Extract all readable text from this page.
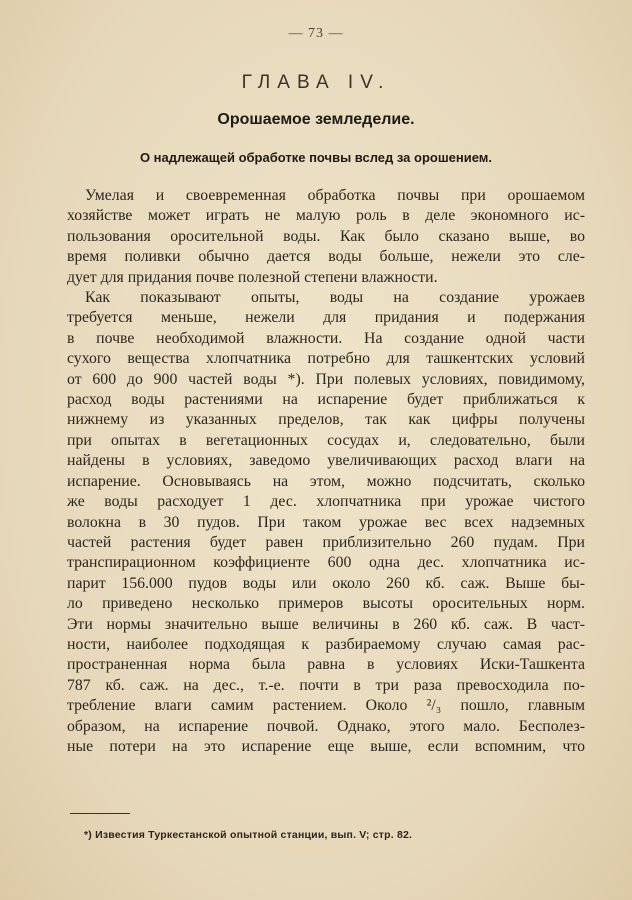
— 73 —
ГЛАВА IV.
Орошаемое земледелие.
О надлежащей обработке почвы вслед за орошением.
Умелая и своевременная обработка почвы при орошаемом
хозяйстве может играть не малую роль в деле экономного ис-
пользования оросительной воды. Как было сказано выше, во
время поливки обычно дается воды больше, нежели это сле-
дует для придания почве полезной степени влажности.
Как показывают опыты, воды на создание урожаев
требуется меньше, нежели для придания и подержания
в почве необходимой влажности. На создание одной части
сухого вещества хлопчатника потребно для ташкентских условий
от 600 до 900 частей воды *). При полевых условиях, повидимому,
расход воды растениями на испарение будет приближаться к
нижнему из указанных пределов, так как цифры получены
при опытах в вегетационных сосудах и, следовательно, были
найдены в условиях, заведомо увеличивающих расход влаги на
испарение. Основываясь на этом, можно подсчитать, сколько
же воды расходует 1 дес. хлопчатника при урожае чистого
волокна в 30 пудов. При таком урожае вес всех надземных
частей растения будет равен приблизительно 260 пудам. При
транспирационном коэффициенте 600 одна дес. хлопчатника ис-
парит 156.000 пудов воды или около 260 кб. саж. Выше бы-
ло приведено несколько примеров высоты оросительных норм.
Эти нормы значительно выше величины в 260 кб. саж. В част-
ности, наиболее подходящая к разбираемому случаю самая рас-
пространенная норма была равна в условиях Иски-Ташкента
787 кб. саж. на дес., т.-е. почти в три раза превосходила по-
требление влаги самим растением. Около ²/₃ пошло, главным
образом, на испарение почвой. Однако, этого мало. Бесполез-
ные потери на это испарение еще выше, если вспомним, что
*) Известия Туркестанской опытной станции, вып. V; стр. 82.
